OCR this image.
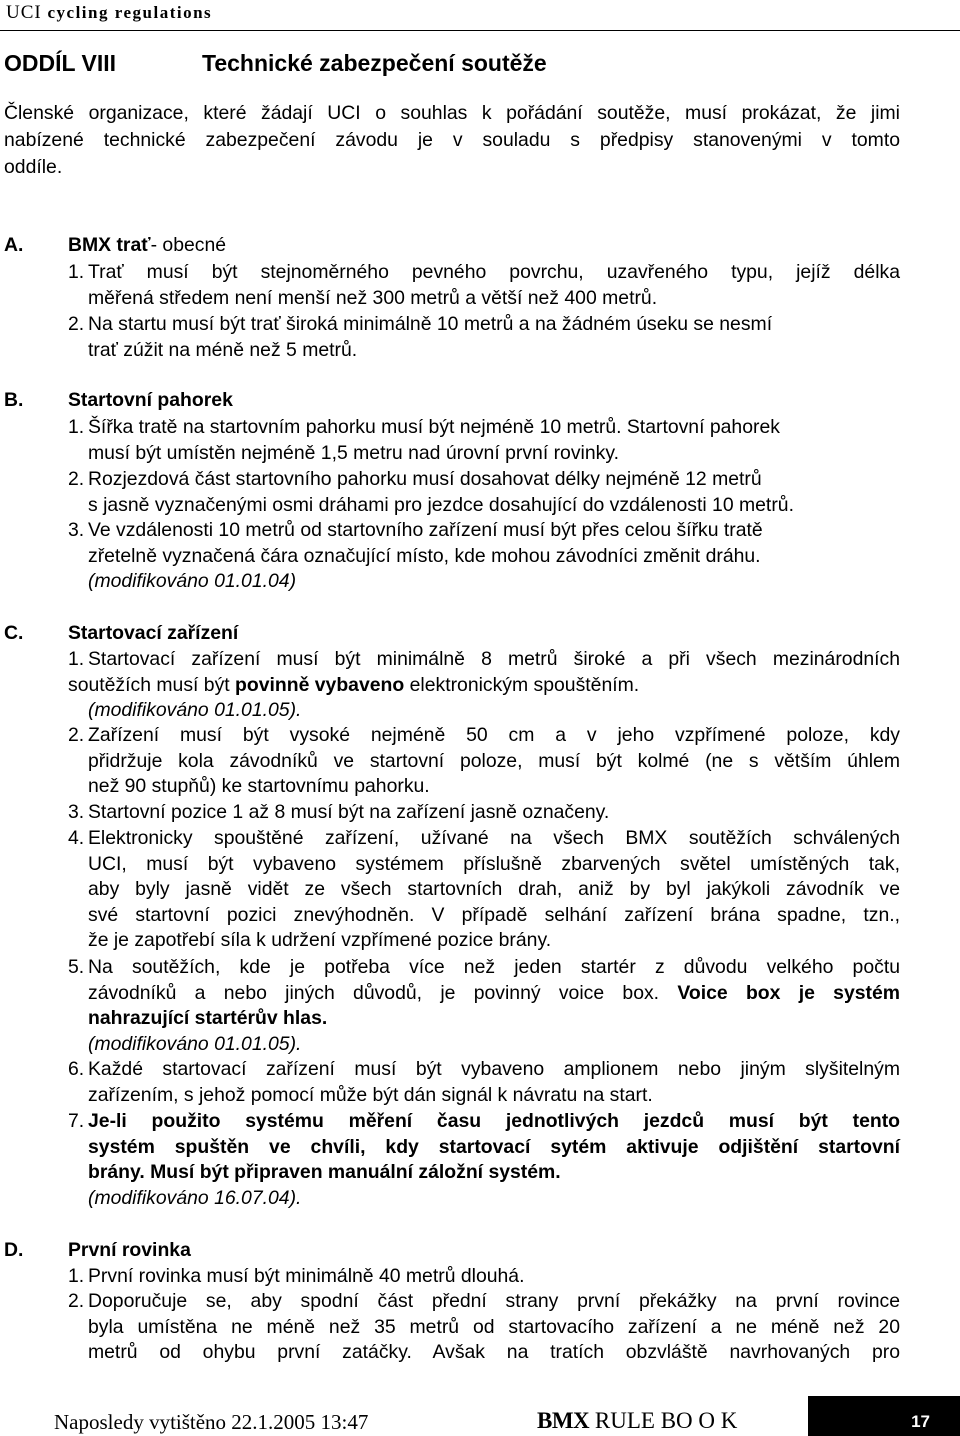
UCI cycling regulations
ODDÍL VIII	Technické zabezpečení soutěže

Členské organizace, které žádají UCI o souhlas k pořádání soutěže, musí prokázat, že jimi
nabízené technické zabezpečení závodu je v souladu s předpisy stanovenými v tomto
oddíle.

A. BMX trať- obecné
1. Trať musí být stejnoměrného pevného povrchu, uzavřeného typu, jejíž délka
měřená středem není menší než 300 metrů a větší než 400 metrů.
2. Na startu musí být trať široká minimálně 10 metrů a na žádném úseku se nesmí
trať zúžit na méně než 5 metrů.
B. Startovní pahorek
1. Šířka tratě na startovním pahorku musí být nejméně 10 metrů. Startovní pahorek
musí být umístěn nejméně 1,5 metru nad úrovní první rovinky.
2. Rozjezdová část startovního pahorku musí dosahovat délky nejméně 12 metrů
s jasně vyznačenými osmi dráhami pro jezdce dosahující do vzdálenosti 10 metrů.
3. Ve vzdálenosti 10 metrů od startovního zařízení musí být přes celou šířku tratě
zřetelně vyznačená čára označující místo, kde mohou závodníci změnit dráhu.
(modifikováno 01.01.04)
C. Startovací zařízení
1. Startovací zařízení musí být minimálně 8 metrů široké a při všech mezinárodních
soutěžích musí být povinně vybaveno elektronickým spouštěním.
(modifikováno 01.01.05).
2. Zařízení musí být vysoké nejméně 50 cm a v jeho vzpřímené poloze, kdy
přidržuje kola závodníků ve startovní poloze, musí být kolmé (ne s větším úhlem
než 90 stupňů) ke startovnímu pahorku.
3. Startovní pozice 1 až 8 musí být na zařízení jasně označeny.
4. Elektronicky spouštěné zařízení, užívané na všech BMX soutěžích schválených
UCI, musí být vybaveno systémem příslušně zbarvených světel umístěných tak,
aby byly jasně vidět ze všech startovních drah, aniž by byl jakýkoli závodník ve
své startovní pozici znevýhodněn. V případě selhání zařízení brána spadne, tzn.,
že je zapotřebí síla k udržení vzpřímené pozice brány.
5. Na soutěžích, kde je potřeba více než jeden startér z důvodu velkého počtu
závodníků a nebo jiných důvodů, je povinný voice box. Voice box je systém
nahrazující startérův hlas.
(modifikováno 01.01.05).
6. Každé startovací zařízení musí být vybaveno amplionem nebo jiným slyšitelným
zařízením, s jehož pomocí může být dán signál k návratu na start.
7. Je-li použito systému měření času jednotlivých jezdců musí být tento
systém spuštěn ve chvíli, kdy startovací sytém aktivuje odjištění startovní
brány. Musí být připraven manuální záložní systém.
(modifikováno 16.07.04).
D. První rovinka
1. První rovinka musí být minimálně 40 metrů dlouhá.
2. Doporučuje se, aby spodní část přední strany první překážky na první rovince
byla umístěna ne méně než 35 metrů od startovacího zařízení a ne méně než 20
metrů od ohybu první zatáčky. Avšak na tratích obzvláště navrhovaných pro
Naposledy vytištěno 22.1.2005 13:47	BMX RULE BO O K	17
